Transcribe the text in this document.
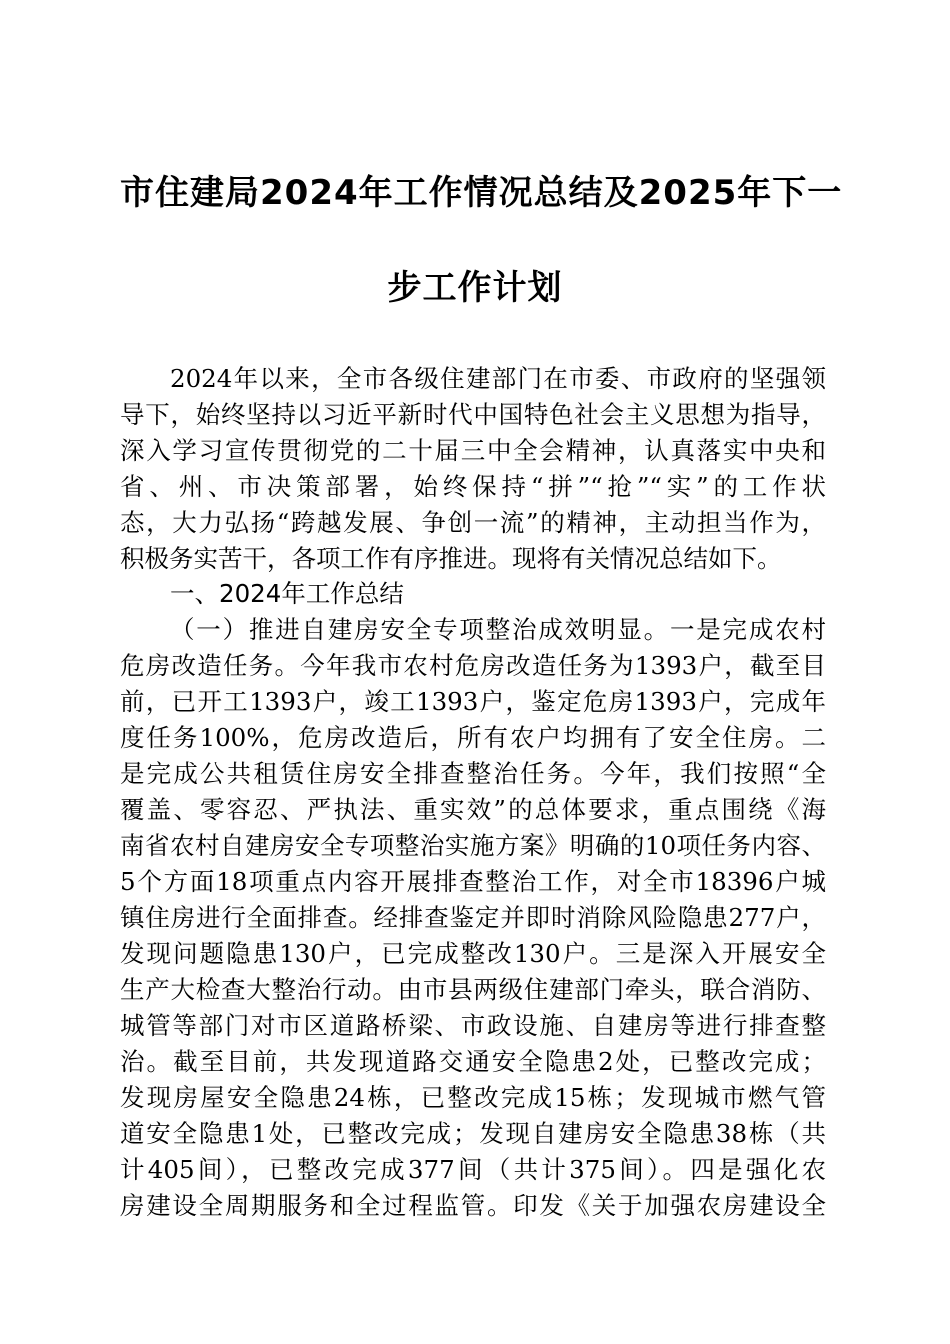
市住建局2024年工作情况总结及2025年下一
步工作计划
2024年以来，全市各级住建部门在市委、市政府的坚强领
导下，始终坚持以习近平新时代中国特色社会主义思想为指导，
深入学习宣传贯彻党的二十届三中全会精神，认真落实中央和
省、州、市决策部署，始终保持“拼”“抢”“实”的工作状
态，大力弘扬“跨越发展、争创一流”的精神，主动担当作为，
积极务实苦干，各项工作有序推进。现将有关情况总结如下。
一、2024年工作总结
（一）推进自建房安全专项整治成效明显。一是完成农村
危房改造任务。今年我市农村危房改造任务为1393户，截至目
前，已开工1393户，竣工1393户，鉴定危房1393户，完成年
度任务100%，危房改造后，所有农户均拥有了安全住房。二
是完成公共租赁住房安全排查整治任务。今年，我们按照“全
覆盖、零容忍、严执法、重实效”的总体要求，重点围绕《海
南省农村自建房安全专项整治实施方案》明确的10项任务内容、
5个方面18项重点内容开展排查整治工作，对全市18396户城
镇住房进行全面排查。经排查鉴定并即时消除风险隐患277户，
发现问题隐患130户，已完成整改130户。三是深入开展安全
生产大检查大整治行动。由市县两级住建部门牵头，联合消防、
城管等部门对市区道路桥梁、市政设施、自建房等进行排查整
治。截至目前，共发现道路交通安全隐患2处，已整改完成；
发现房屋安全隐患24栋，已整改完成15栋；发现城市燃气管
道安全隐患1处，已整改完成；发现自建房安全隐患38栋（共
计405间），已整改完成377间（共计375间）。四是强化农
房建设全周期服务和全过程监管。印发《关于加强农房建设全
